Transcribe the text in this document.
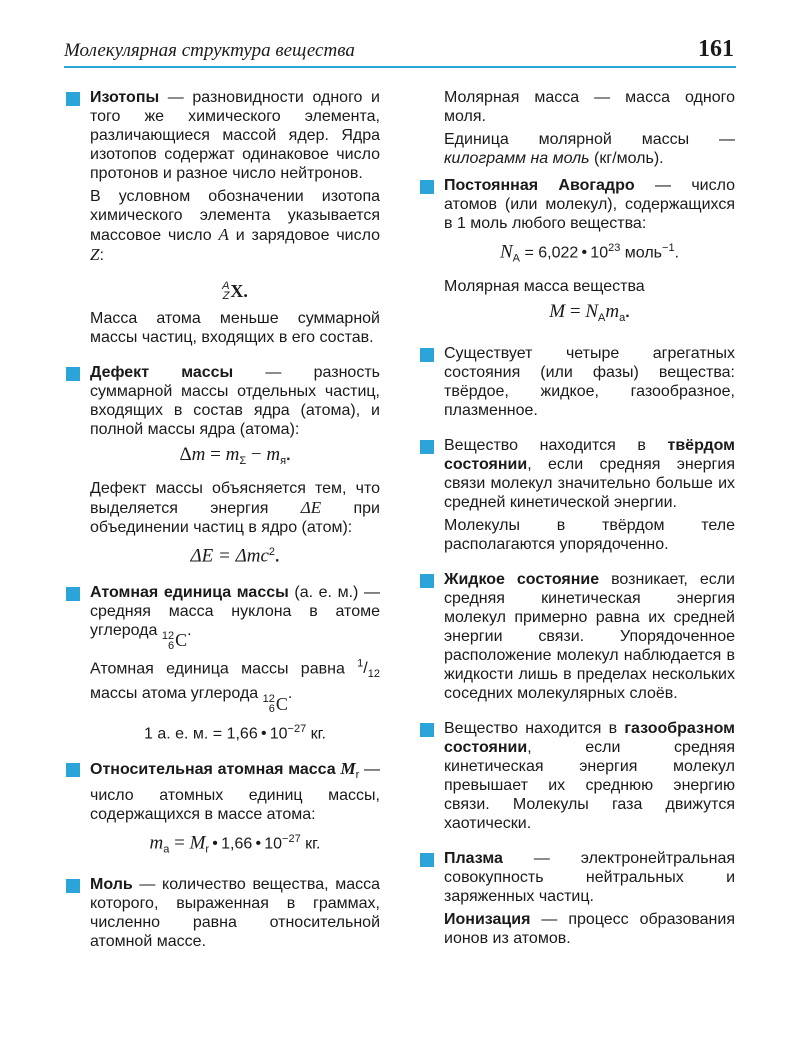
Молекулярная структура вещества	161

Изотопы — разновидности одного и того же химического элемента, различающиеся массой ядер. Ядра изотопов содержат одинаковое число протонов и разное число нейтронов.

В условном обозначении изотопа химического элемента указывается массовое число A и зарядовое число Z:

A
Z X.

Масса атома меньше суммарной массы частиц, входящих в его состав.

Дефект массы — разность суммарной массы отдельных частиц, входящих в состав ядра (атома), и полной массы ядра (атома):

$\Delta m = m_\Sigma - m_я$.

Дефект массы объясняется тем, что выделяется энергия ΔE при объединении частиц в ядро (атом):

ΔE = Δmc$^2$.

Атомная единица массы (а. е. м.) — средняя масса нуклона в атоме углерода 12
6 C .

Атомная единица массы равна $^1/_{12}$ массы атома углерода 12
6 C .

1 а. е. м. = 1,66  •  $10^{-27}$ кг.

Относительная атомная масса $M_r$ — число атомных единиц массы, содержащихся в массе атома:

$m_a = M_r$  •  1,66  •  $10^{-27}$ кг.

Моль — количество вещества, масса которого, выраженная в граммах, численно равна относительной атомной массе.

Молярная масса — масса одного моля.

Единица молярной массы — килограмм на моль (кг/моль).

Постоянная Авогадро — число атомов (или молекул), содержащихся в 1 моль любого вещества:

$N_A = 6,022$  •  $10^{23}$ моль$^{-1}$.

Молярная масса вещества

$M = N_Am_a$.

Существует четыре агрегатных состояния (или фазы) вещества: твёрдое, жидкое, газообразное, плазменное.

Вещество находится в твёрдом состоянии, если средняя энергия связи молекул значительно больше их средней кинетической энергии.

Молекулы в твёрдом теле располагаются упорядоченно.

Жидкое состояние возникает, если средняя кинетическая энергия молекул примерно равна их средней энергии связи. Упорядоченное расположение молекул наблюдается в жидкости лишь в пределах нескольких соседних молекулярных слоёв.

Вещество находится в газообразном состоянии, если средняя кинетическая энергия молекул превышает их среднюю энергию связи. Молекулы газа движутся хаотически.

Плазма — электронейтральная совокупность нейтральных и заряженных частиц.

Ионизация — процесс образования ионов из атомов.
